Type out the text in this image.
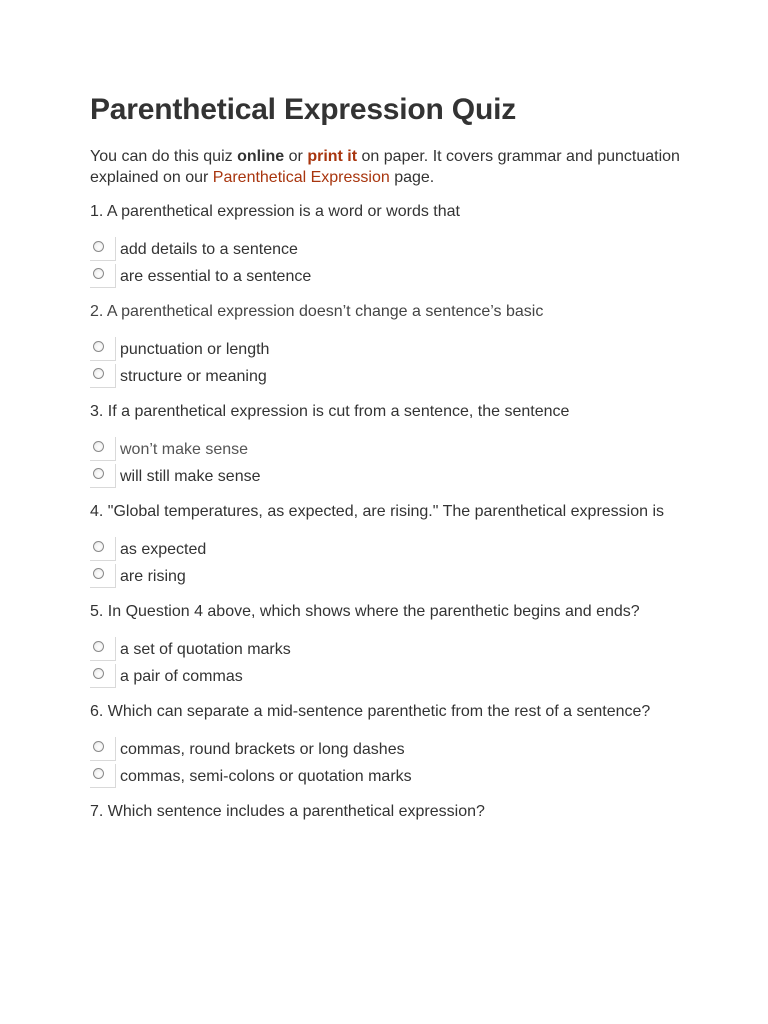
Parenthetical Expression Quiz

You can do this quiz online or print it on paper. It covers grammar and punctuation explained on our Parenthetical Expression page.

1. A parenthetical expression is a word or words that

add details to a sentence
are essential to a sentence

2. A parenthetical expression doesn’t change a sentence’s basic

punctuation or length
structure or meaning

3. If a parenthetical expression is cut from a sentence, the sentence

won’t make sense
will still make sense

4. "Global temperatures, as expected, are rising." The parenthetical expression is

as expected
are rising

5. In Question 4 above, which shows where the parenthetic begins and ends?

a set of quotation marks
a pair of commas

6. Which can separate a mid-sentence parenthetic from the rest of a sentence?

commas, round brackets or long dashes
commas, semi-colons or quotation marks

7. Which sentence includes a parenthetical expression?
